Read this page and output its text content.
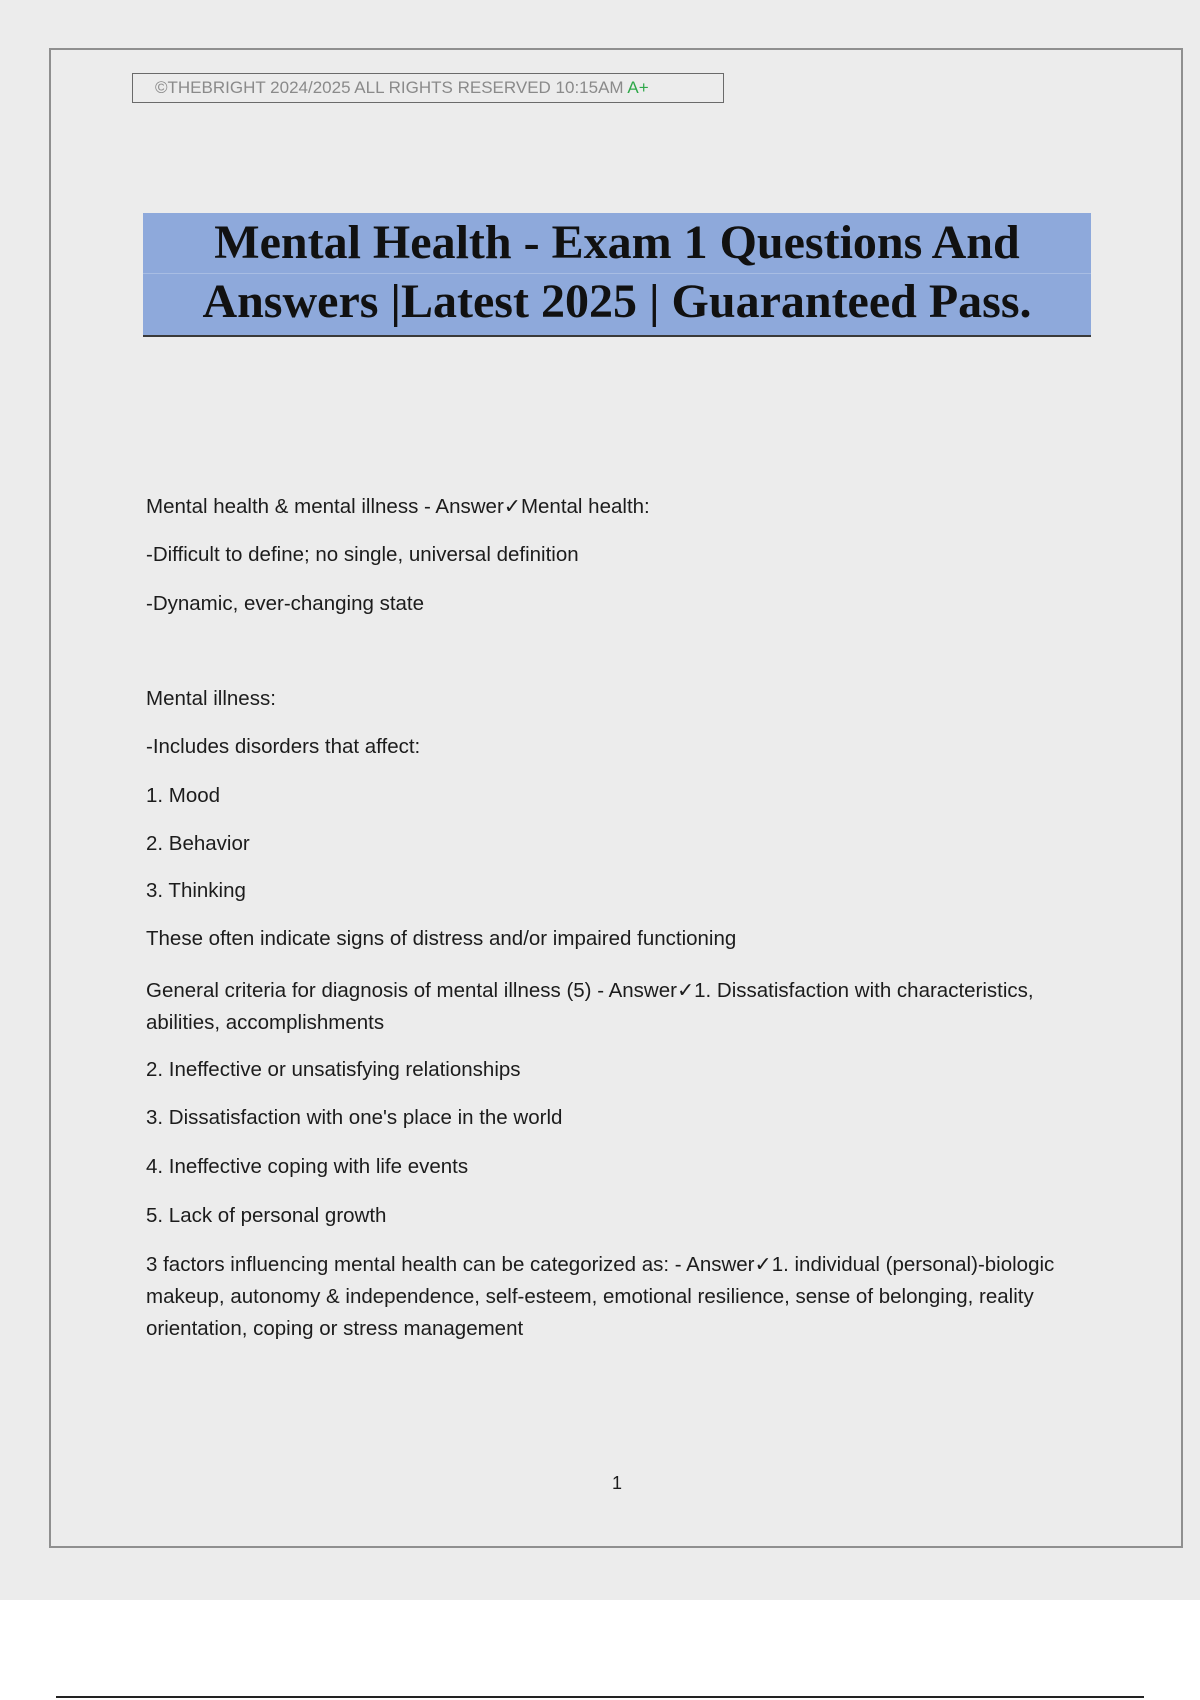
©THEBRIGHT 2024/2025 ALL RIGHTS RESERVED 10:15AM A+
Mental Health - Exam 1 Questions And
Answers |Latest 2025 | Guaranteed Pass.
Mental health & mental illness - Answer✓Mental health:
-Difficult to define; no single, universal definition
-Dynamic, ever-changing state
Mental illness:
-Includes disorders that affect:
1. Mood
2. Behavior
3. Thinking
These often indicate signs of distress and/or impaired functioning
General criteria for diagnosis of mental illness (5) - Answer✓1. Dissatisfaction with characteristics, abilities, accomplishments
2. Ineffective or unsatisfying relationships
3. Dissatisfaction with one's place in the world
4. Ineffective coping with life events
5. Lack of personal growth
3 factors influencing mental health can be categorized as: - Answer✓1. individual (personal)-biologic makeup, autonomy & independence, self-esteem, emotional resilience, sense of belonging, reality orientation, coping or stress management
1
